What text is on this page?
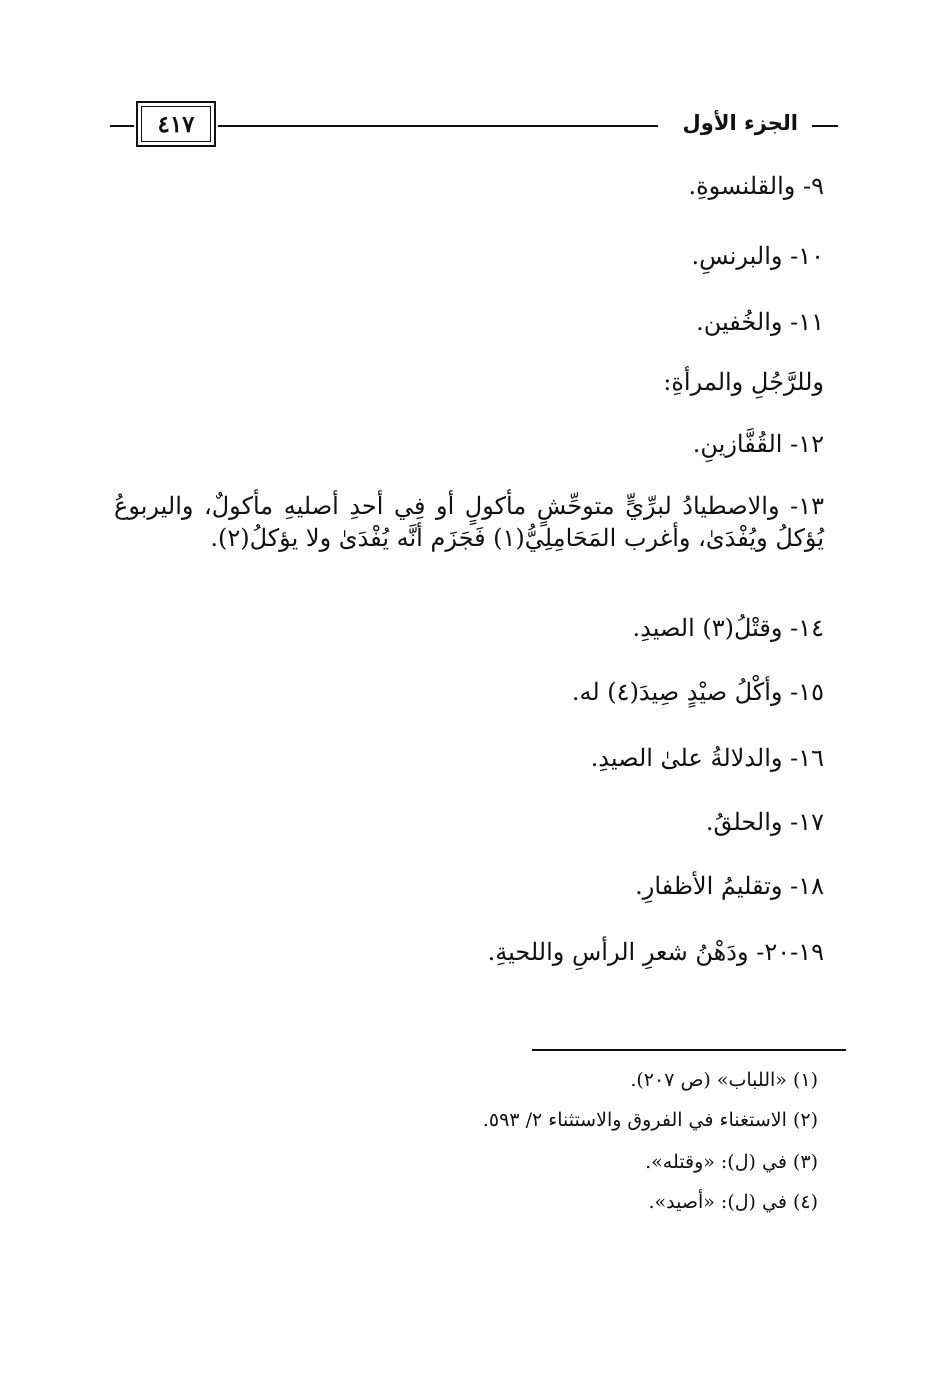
٤١٧	الجزء الأول
٩- والقلنسوةِ.
١٠- والبرنسِ.
١١- والخُفين.
وللرَّجُلِ والمرأةِ:
١٢- القُفَّازينِ.
١٣- والاصطيادُ لبرِّيٍّ متوحِّشٍ مأكولٍ أو فِي أحدِ أصليهِ مأكولٌ، واليربوعُ يُؤكلُ ويُفْدَىٰ، وأغرب المَحَامِلِيُّ(١) فَجَزَم أنَّه يُفْدَىٰ ولا يؤكلُ(٢).
١٤- وقتْلُ(٣) الصيدِ.
١٥- وأكْلُ صيْدٍ صِيدَ(٤) له.
١٦- والدلالةُ علىٰ الصيدِ.
١٧- والحلقُ.
١٨- وتقليمُ الأظفارِ.
١٩-٢٠- ودَهْنُ شعرِ الرأسِ واللحيةِ.
(١) «اللباب» (ص ٢٠٧).
(٢) الاستغناء في الفروق والاستثناء ٢/ ٥٩٣.
(٣) في (ل): «وقتله».
(٤) في (ل): «أصيد».
